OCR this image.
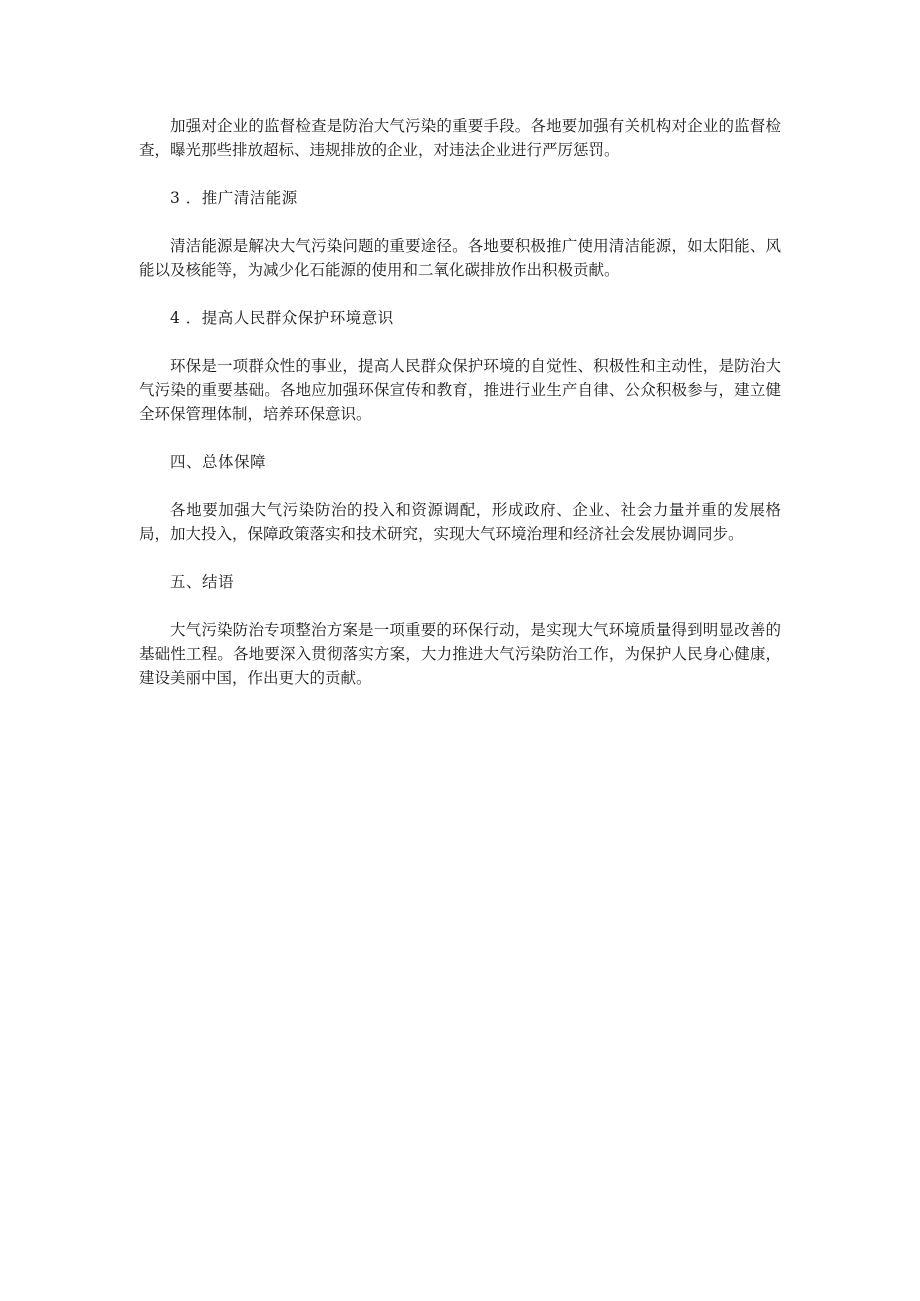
加强对企业的监督检查是防治大气污染的重要手段。各地要加强有关机构对企业的监督检查，曝光那些排放超标、违规排放的企业，对违法企业进行严厉惩罚。

3 ．推广清洁能源

清洁能源是解决大气污染问题的重要途径。各地要积极推广使用清洁能源，如太阳能、风能以及核能等，为减少化石能源的使用和二氧化碳排放作出积极贡献。

4 ．提高人民群众保护环境意识

环保是一项群众性的事业，提高人民群众保护环境的自觉性、积极性和主动性，是防治大气污染的重要基础。各地应加强环保宣传和教育，推进行业生产自律、公众积极参与，建立健全环保管理体制，培养环保意识。

四、总体保障

各地要加强大气污染防治的投入和资源调配，形成政府、企业、社会力量并重的发展格局，加大投入，保障政策落实和技术研究，实现大气环境治理和经济社会发展协调同步。

五、结语

大气污染防治专项整治方案是一项重要的环保行动，是实现大气环境质量得到明显改善的基础性工程。各地要深入贯彻落实方案，大力推进大气污染防治工作，为保护人民身心健康，建设美丽中国，作出更大的贡献。
